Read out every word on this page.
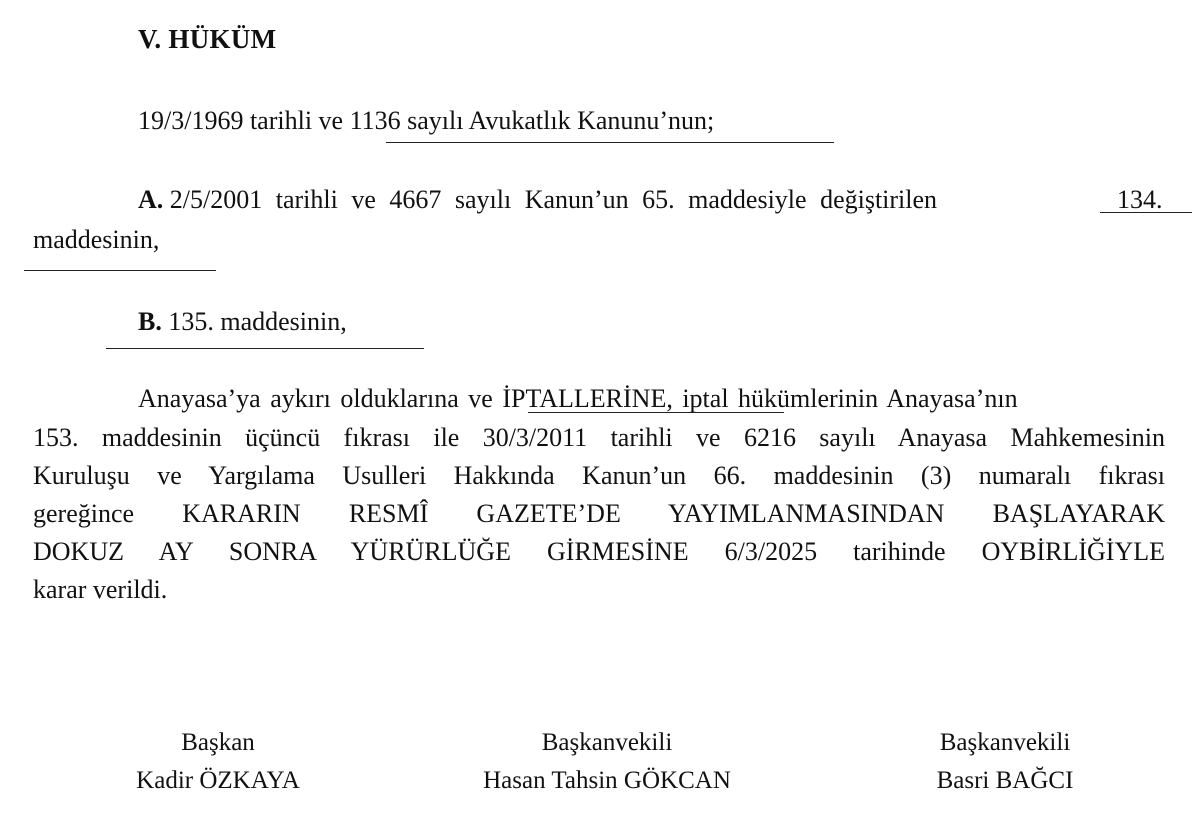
V. HÜKÜM
19/3/1969 tarihli ve 1136 sayılı Avukatlık Kanunu’nun;
A. 2/5/2001 tarihli ve 4667 sayılı Kanun’un 65. maddesiyle değiştirilen	134.
maddesinin,
B. 135. maddesinin,
Anayasa’ya aykırı olduklarına ve İPTALLERİNE, iptal hükümlerinin Anayasa’nın
153. maddesinin üçüncü fıkrası ile 30/3/2011 tarihli ve 6216 sayılı Anayasa Mahkemesinin
Kuruluşu ve Yargılama Usulleri Hakkında Kanun’un 66. maddesinin (3) numaralı fıkrası
gereğince KARARIN RESMÎ GAZETE’DE YAYIMLANMASINDAN BAŞLAYARAK
DOKUZ AY SONRA YÜRÜRLÜĞE GİRMESİNE 6/3/2025 tarihinde OYBİRLİĞİYLE
karar verildi.
Başkan
Kadir ÖZKAYA
Başkanvekili
Hasan Tahsin GÖKCAN
Başkanvekili
Basri BAĞCI
